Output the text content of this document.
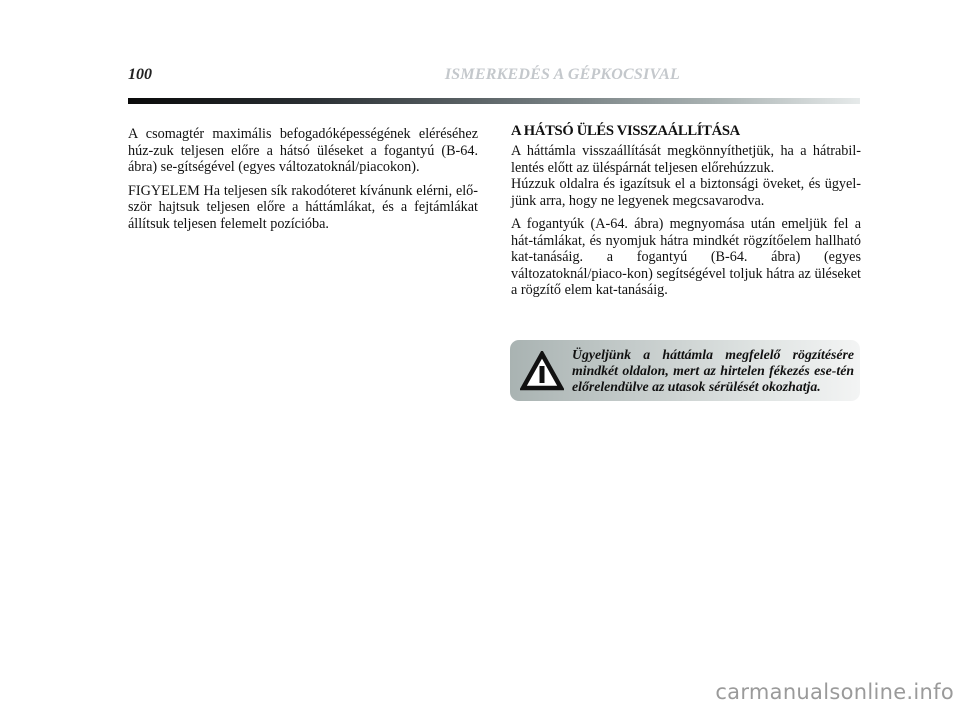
100	ISMERKEDÉS A GÉPKOCSIVAL

A csomagtér maximális befogadóképességének eléréséhez húz-zuk teljesen előre a hátsó üléseket a fogantyú (B-64. ábra) se-gítségével (egyes változatoknál/piacokon).

FIGYELEM Ha teljesen sík rakodóteret kívánunk elérni, elő-ször hajtsuk teljesen előre a háttámlákat, és a fejtámlákat állítsuk teljesen felemelt pozícióba.

A HÁTSÓ ÜLÉS VISSZAÁLLÍTÁSA

A háttámla visszaállítását megkönnyíthetjük, ha a hátrabil-lentés előtt az üléspárnát teljesen előrehúzzuk.

Húzzuk oldalra és igazítsuk el a biztonsági öveket, és ügyel-jünk arra, hogy ne legyenek megcsavarodva.

A fogantyúk (A-64. ábra) megnyomása után emeljük fel a hát-támlákat, és nyomjuk hátra mindkét rögzítőelem hallható kat-tanásáig. a fogantyú (B-64. ábra) (egyes változatoknál/piaco-kon) segítségével toljuk hátra az üléseket a rögzítő elem kat-tanásáig.

Ügyeljünk a háttámla megfelelő rögzítésére mindkét oldalon, mert az hirtelen fékezés ese-tén előrelendülve az utasok sérülését okozhatja.
carmanualsonline.info
